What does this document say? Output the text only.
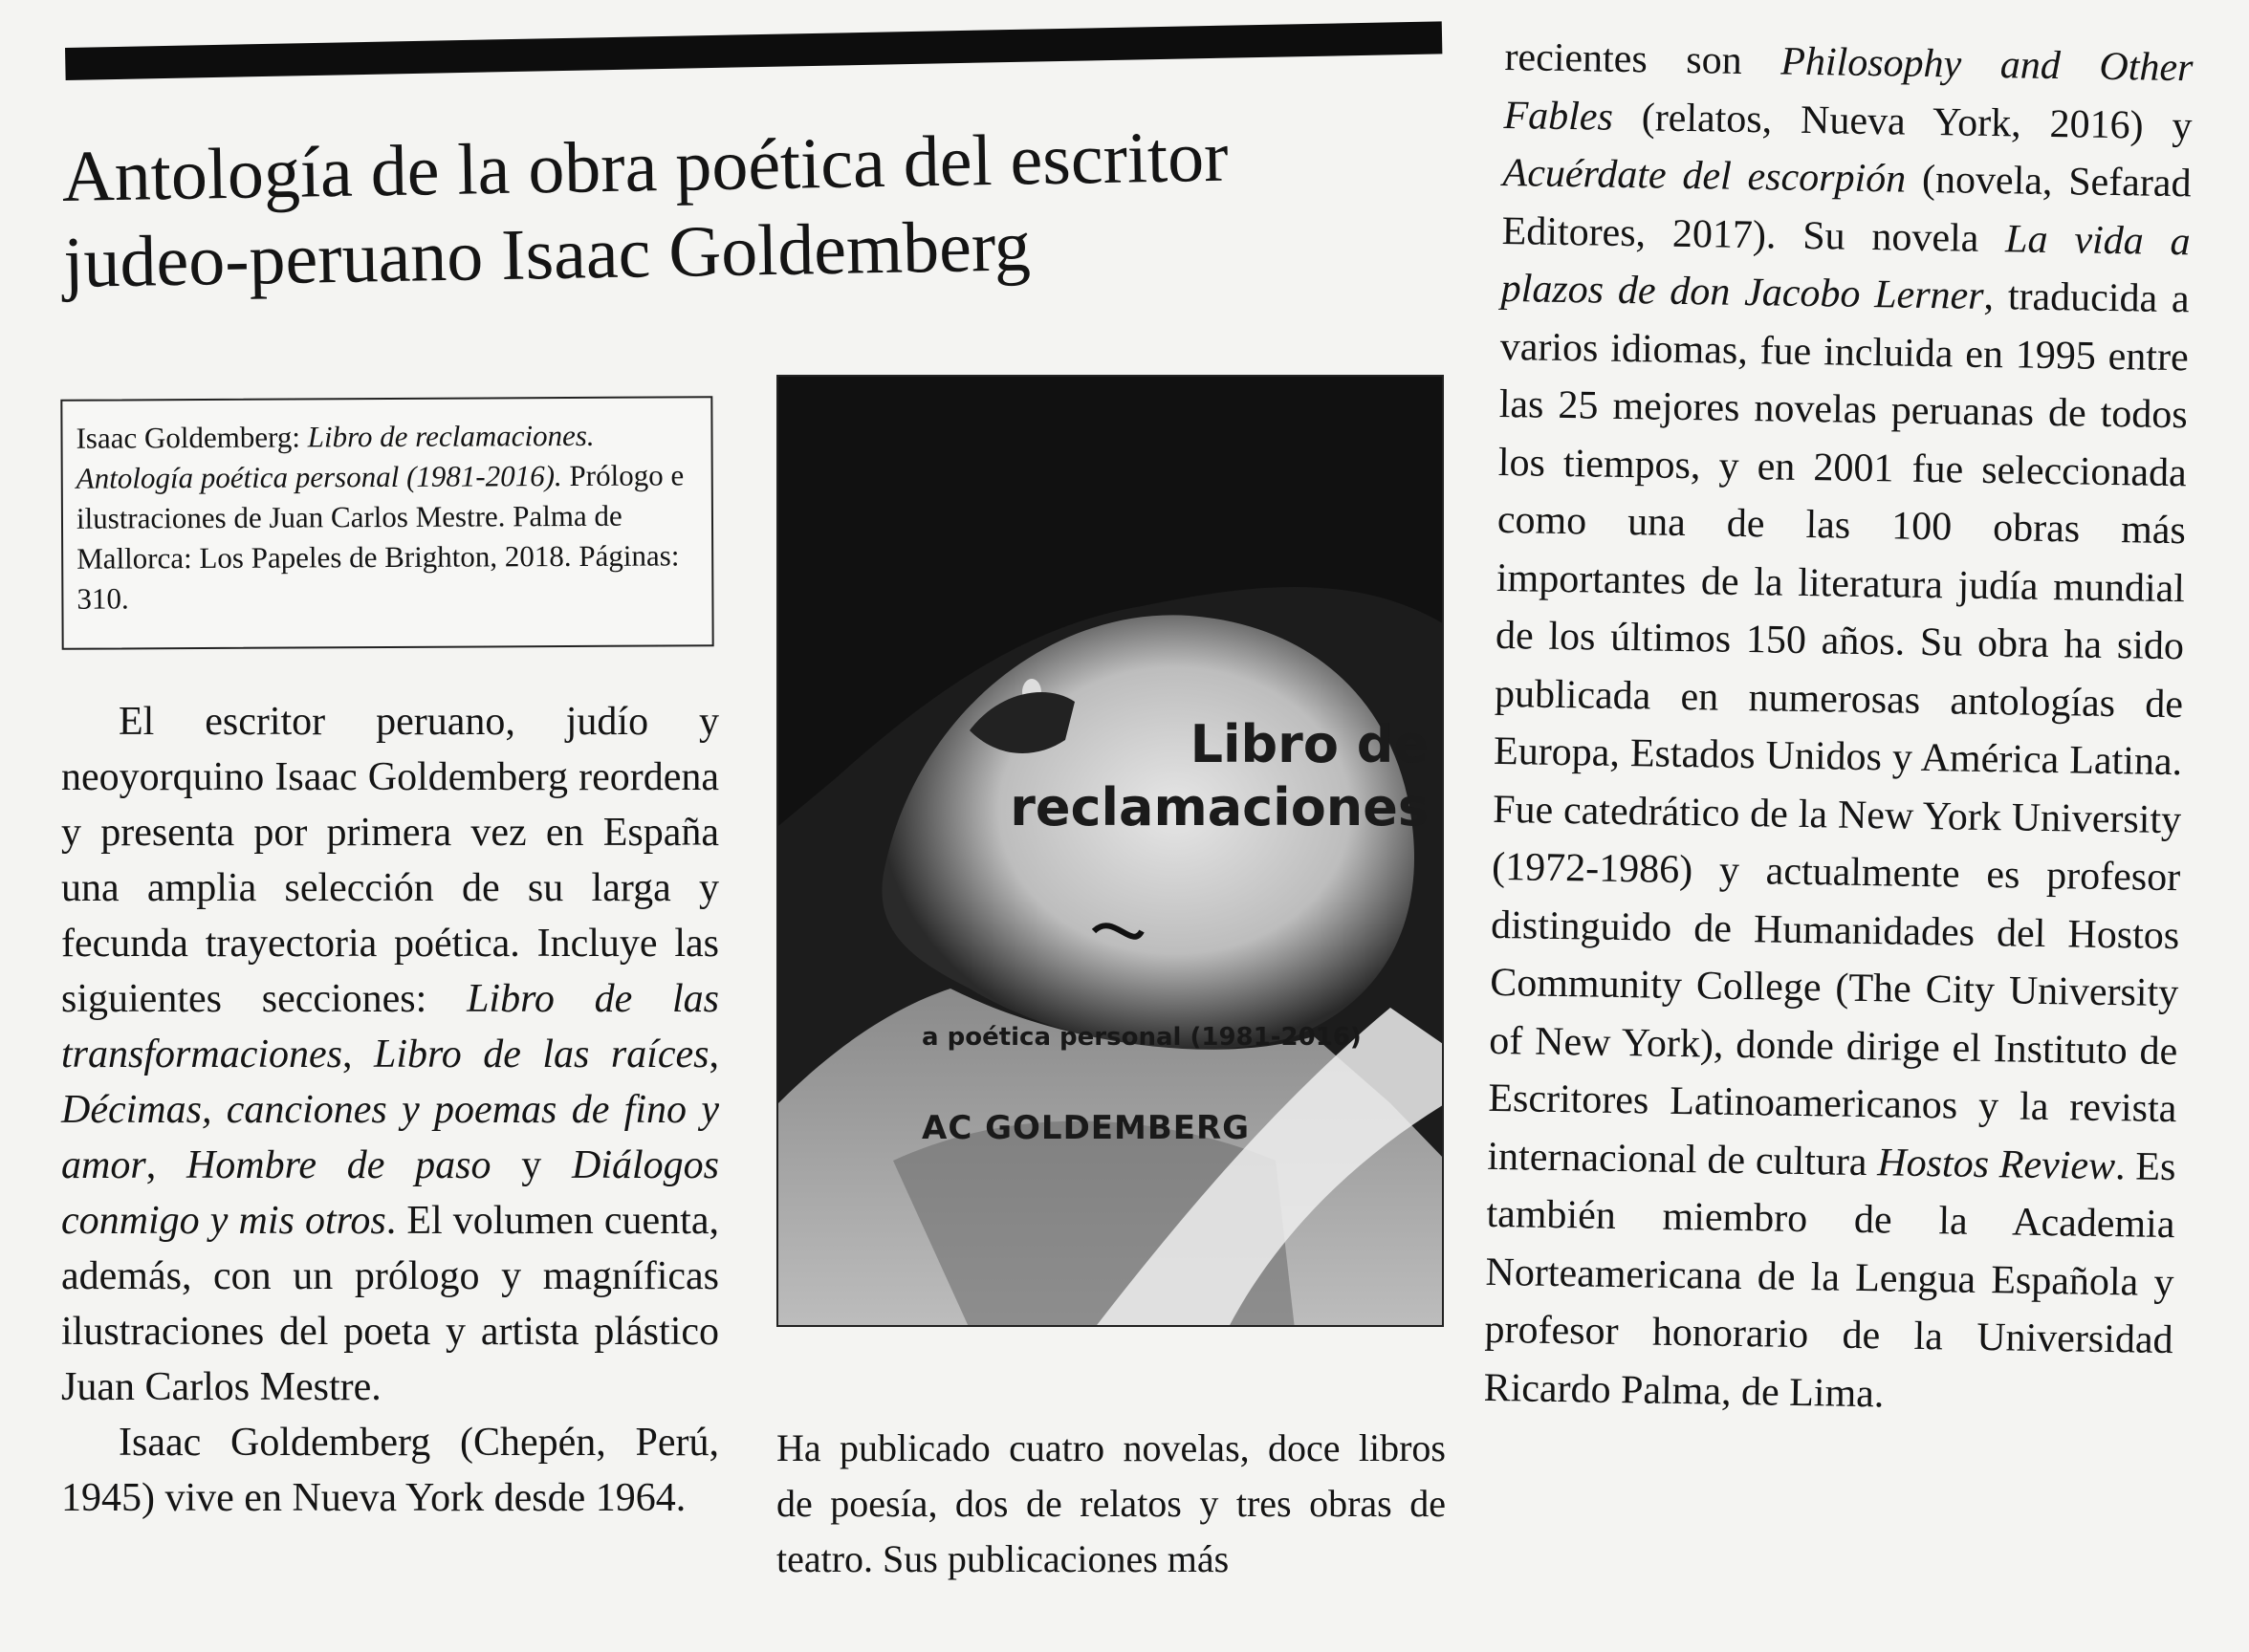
Antología de la obra poética del escritor
judeo-peruano Isaac Goldemberg
Isaac Goldemberg: Libro de reclamaciones. Antología poética personal (1981-2016). Prólogo e ilustraciones de Juan Carlos Mestre. Palma de Mallorca: Los Papeles de Brighton, 2018. Páginas: 310.

El escritor peruano, judío y neoyorquino Isaac Goldemberg reordena y presenta por primera vez en España una amplia selección de su larga y fecunda trayectoria poética. Incluye las siguientes secciones: Libro de las transformaciones, Libro de las raíces, Décimas, canciones y poemas de fino y amor, Hombre de paso y Diálogos conmigo y mis otros. El volumen cuenta, además, con un prólogo y magníficas ilustraciones del poeta y artista plástico Juan Carlos Mestre.

Isaac Goldemberg (Chepén, Perú, 1945) vive en Nueva York desde 1964.

Libro de
reclamaciones
a poética personal (1981-2016)
AC GOLDEMBERG

Ha publicado cuatro novelas, doce libros de poesía, dos de relatos y tres obras de teatro. Sus publicaciones más

recientes son Philosophy and Other Fables (relatos, Nueva York, 2016) y Acuérdate del escorpión (novela, Sefarad Editores, 2017). Su novela La vida a plazos de don Jacobo Lerner, traducida a varios idiomas, fue incluida en 1995 entre las 25 mejores novelas peruanas de todos los tiempos, y en 2001 fue seleccionada como una de las 100 obras más importantes de la literatura judía mundial de los últimos 150 años. Su obra ha sido publicada en numerosas antologías de Europa, Estados Unidos y América Latina. Fue catedrático de la New York University (1972-1986) y actualmente es profesor distinguido de Humanidades del Hostos Community College (The City University of New York), donde dirige el Instituto de Escritores Latinoamericanos y la revista internacional de cultura Hostos Review. Es también miembro de la Academia Norteamericana de la Lengua Española y profesor honorario de la Universidad Ricardo Palma, de Lima.
